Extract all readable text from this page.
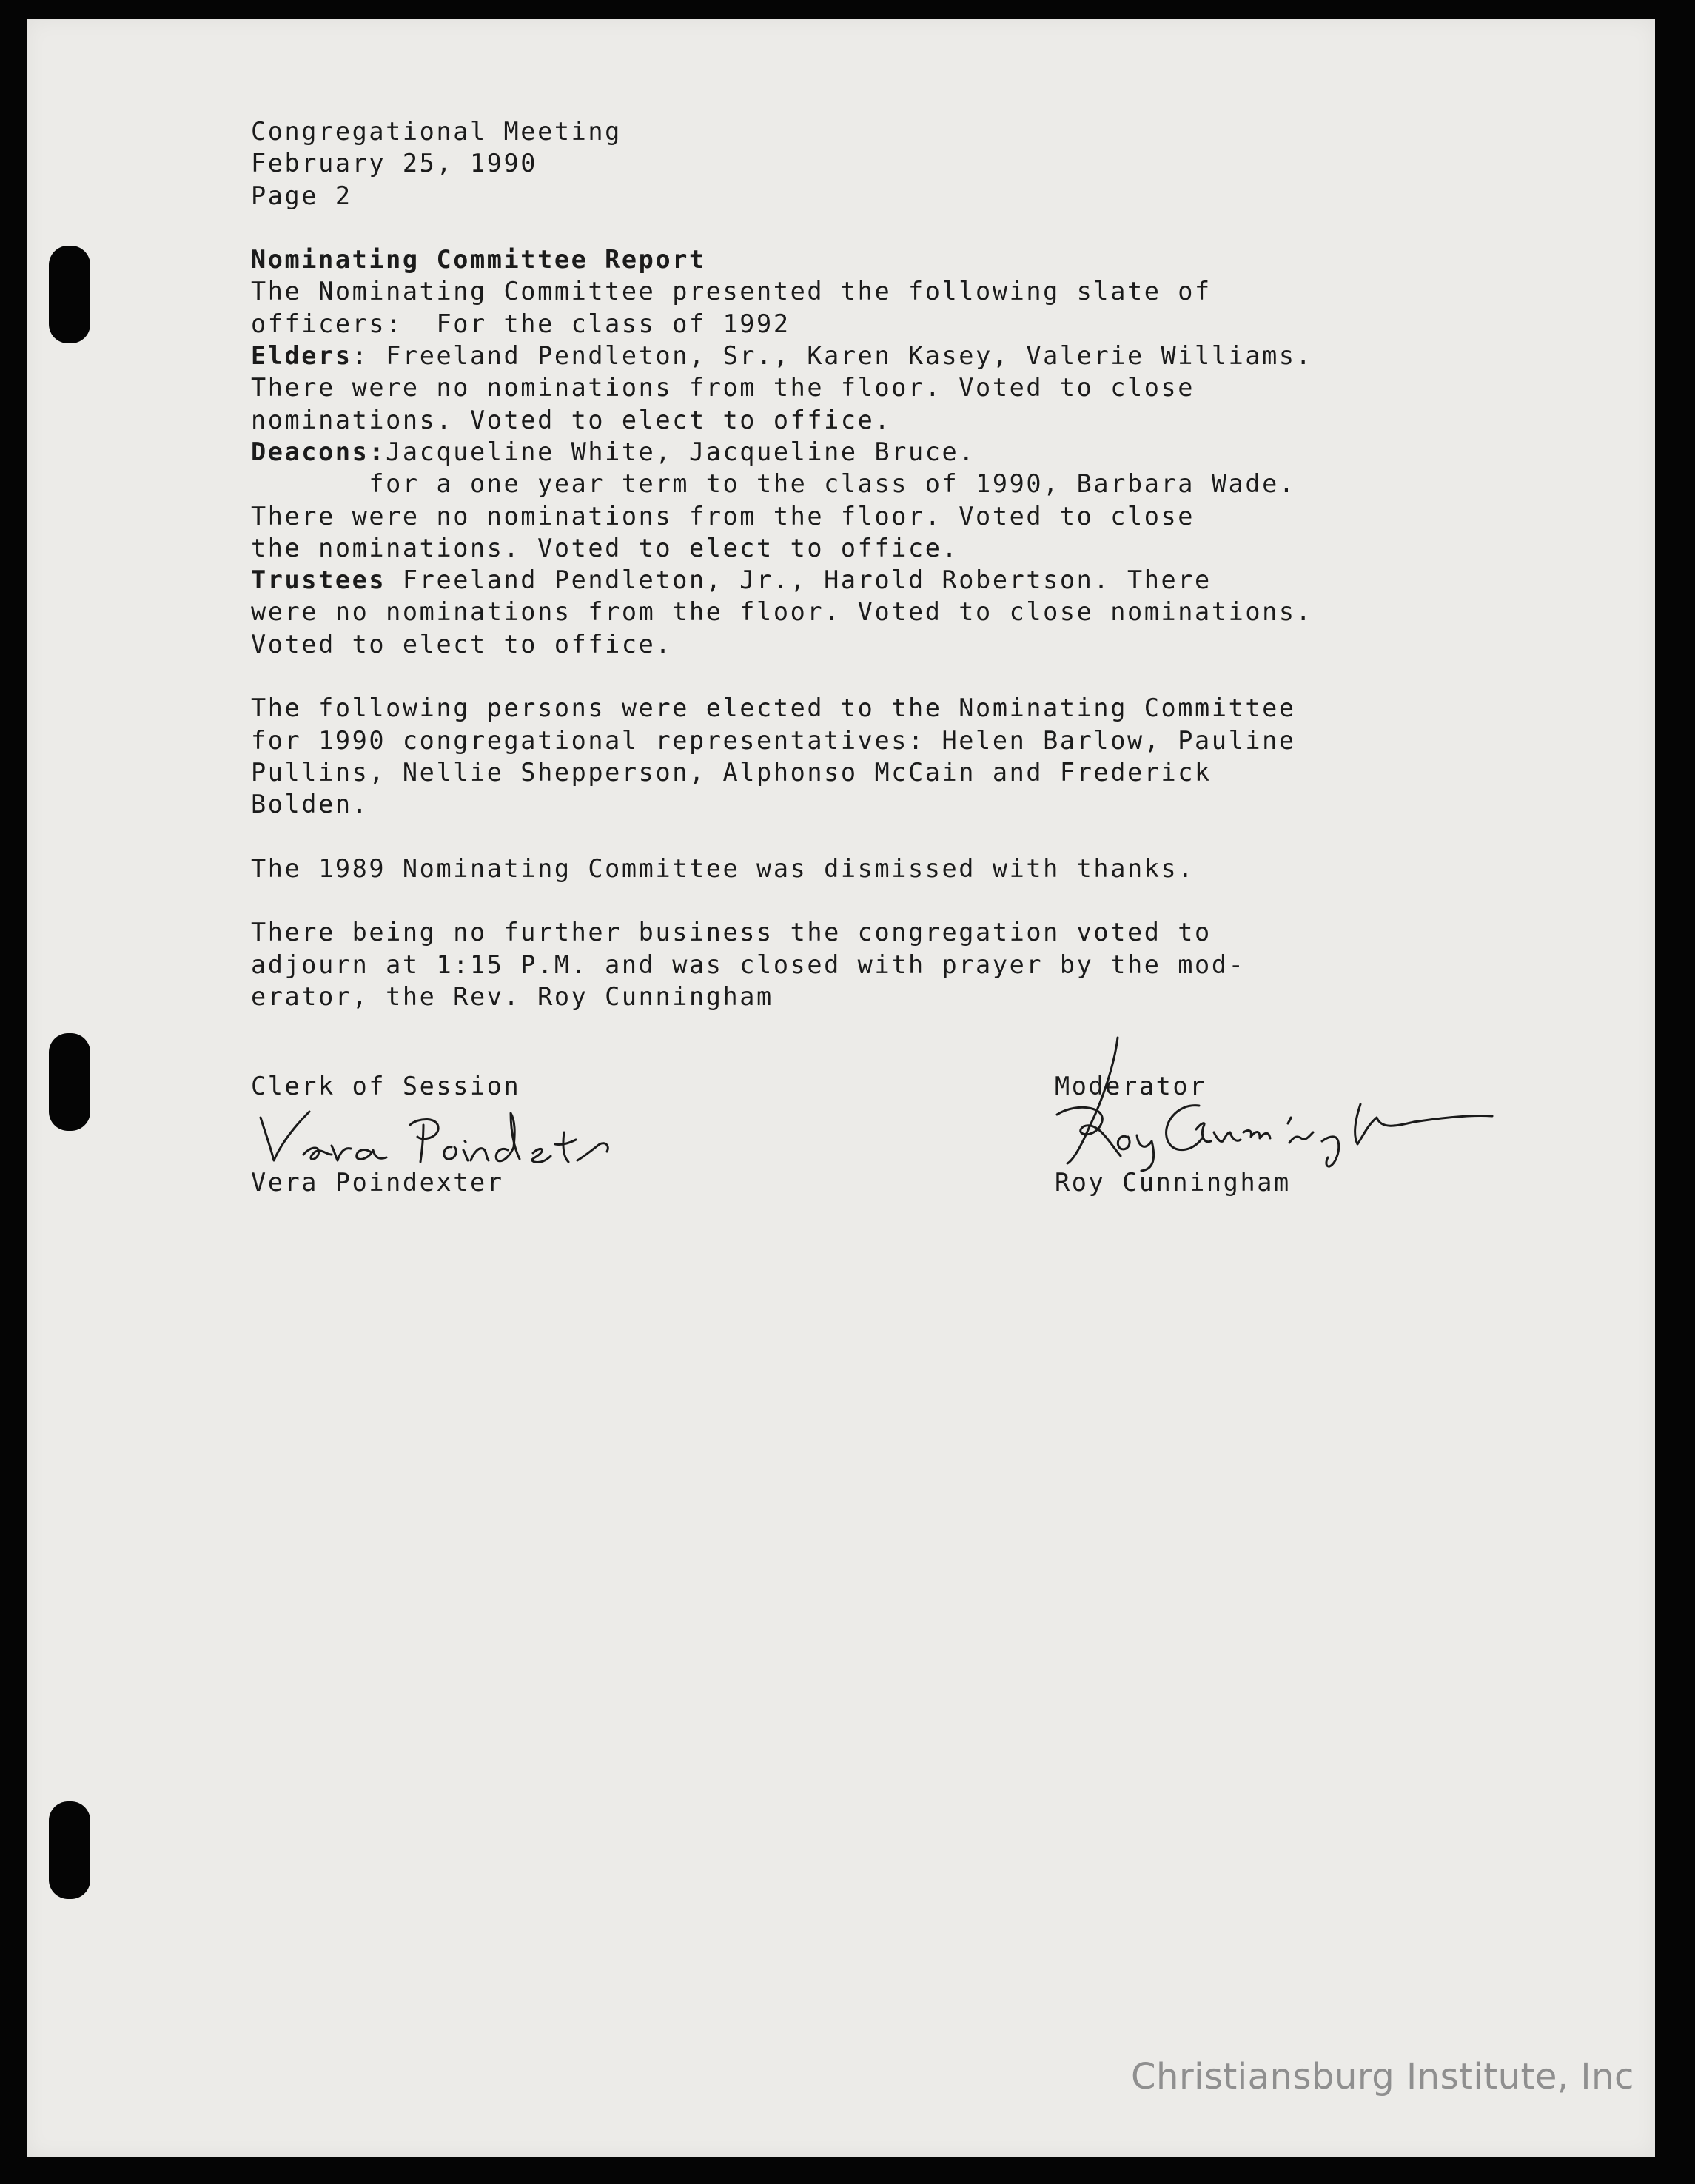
Congregational Meeting
February 25, 1990
Page 2
Nominating Committee Report
The Nominating Committee presented the following slate of
officers:  For the class of 1992
Elders: Freeland Pendleton, Sr., Karen Kasey, Valerie Williams.
There were no nominations from the floor. Voted to close
nominations. Voted to elect to office.
Deacons:Jacqueline White, Jacqueline Bruce.
for a one year term to the class of 1990, Barbara Wade.
There were no nominations from the floor. Voted to close
the nominations. Voted to elect to office.
Trustees Freeland Pendleton, Jr., Harold Robertson. There
were no nominations from the floor. Voted to close nominations.
Voted to elect to office.
The following persons were elected to the Nominating Committee
for 1990 congregational representatives: Helen Barlow, Pauline
Pullins, Nellie Shepperson, Alphonso McCain and Frederick
Bolden.
The 1989 Nominating Committee was dismissed with thanks.
There being no further business the congregation voted to
adjourn at 1:15 P.M. and was closed with prayer by the mod-
erator, the Rev. Roy Cunningham
Clerk of Session
Vera Poindexter
Moderator
Roy Cunningham
Christiansburg Institute, Inc
